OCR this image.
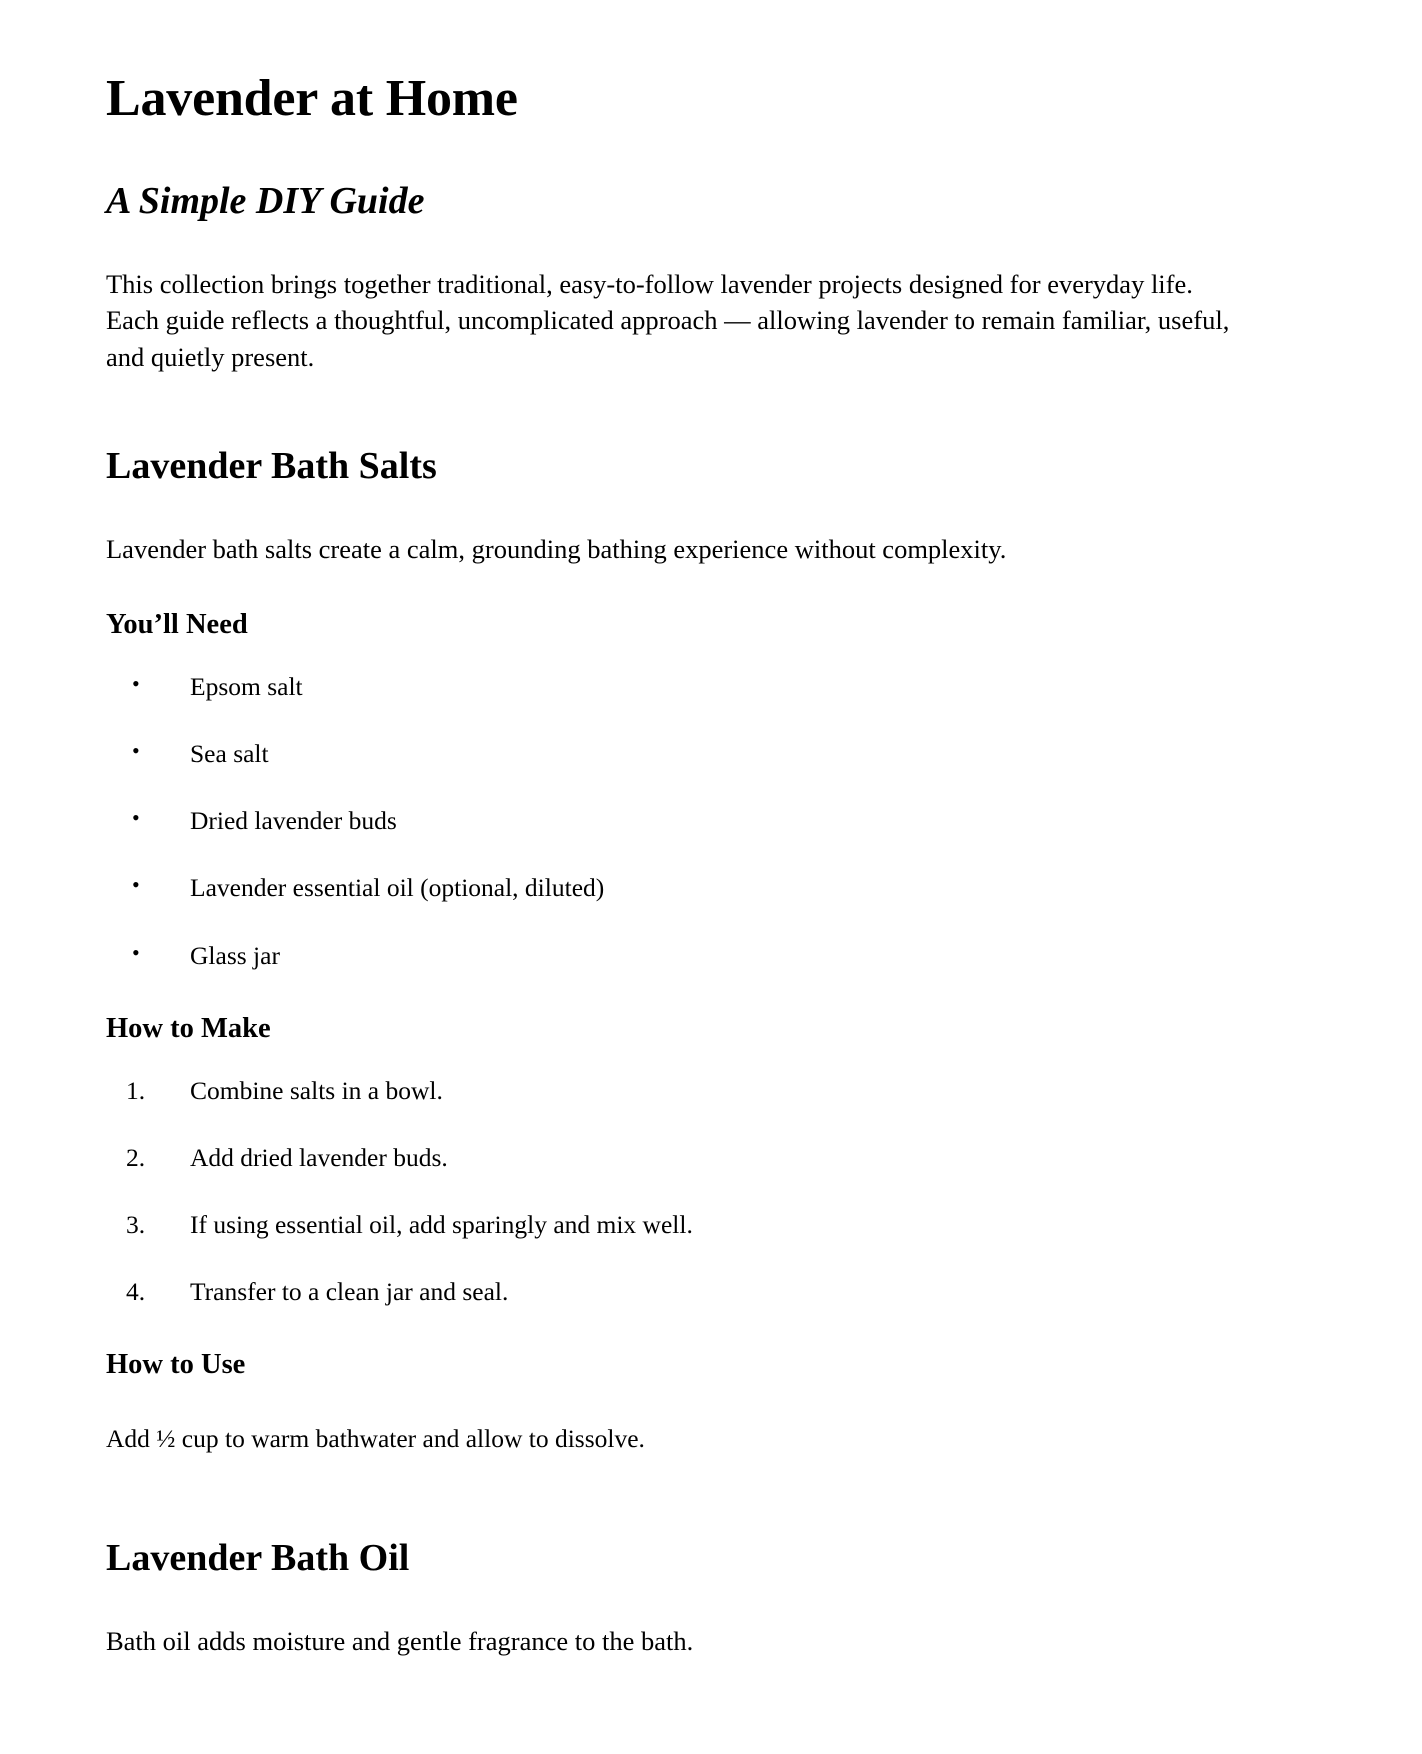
Lavender at Home
A Simple DIY Guide

This collection brings together traditional, easy-to-follow lavender projects designed for everyday life. Each guide reflects a thoughtful, uncomplicated approach — allowing lavender to remain familiar, useful, and quietly present.

Lavender Bath Salts

Lavender bath salts create a calm, grounding bathing experience without complexity.

You’ll Need
•	Epsom salt
•	Sea salt
•	Dried lavender buds
•	Lavender essential oil (optional, diluted)
•	Glass jar
How to Make
1.	Combine salts in a bowl.
2.	Add dried lavender buds.
3.	If using essential oil, add sparingly and mix well.
4.	Transfer to a clean jar and seal.
How to Use

Add ½ cup to warm bathwater and allow to dissolve.

Lavender Bath Oil

Bath oil adds moisture and gentle fragrance to the bath.
